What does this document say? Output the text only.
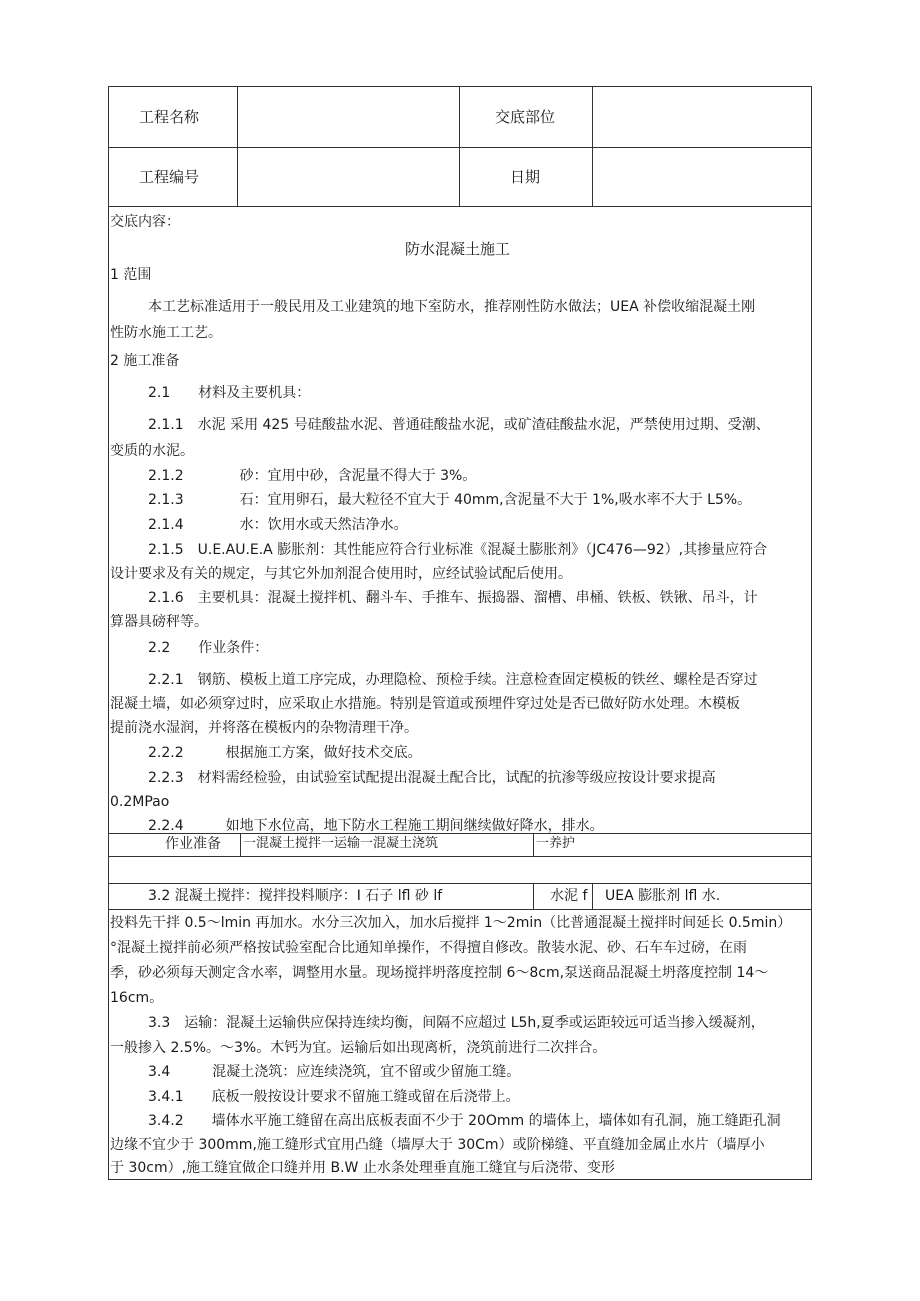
工程名称	交底部位
工程编号	日期
交底内容：
防水混凝土施工
1 范围
本工艺标准适用于一般民用及工业建筑的地下室防水，推荐刚性防水做法；UEA 补偿收缩混凝土刚
性防水施工工艺。
2 施工准备
2.1　　材料及主要机具：
2.1.1　水泥 采用 425 号硅酸盐水泥、普通硅酸盐水泥，或矿渣硅酸盐水泥，严禁使用过期、受潮、
变质的水泥。
2.1.2　　　　砂：宜用中砂，含泥量不得大于 3%。
2.1.3　　　　石：宜用卵石，最大粒径不宜大于 40mm,含泥量不大于 1%,吸水率不大于 L5%。
2.1.4　　　　水：饮用水或天然洁净水。
2.1.5　U.E.AU.E.A 膨胀剂：其性能应符合行业标准《混凝土膨胀剂》（JC476—92）,其掺量应符合
设计要求及有关的规定，与其它外加剂混合使用时，应经试验试配后使用。
2.1.6　主要机具：混凝土搅拌机、翻斗车、手推车、振捣器、溜槽、串桶、铁板、铁锹、吊斗，计
算器具磅秤等。
2.2　　作业条件：
2.2.1　钢筋、模板上道工序完成，办理隐检、预检手续。注意检查固定模板的铁丝、螺栓是否穿过
混凝土墙，如必须穿过时，应采取止水措施。特别是管道或预埋件穿过处是否已做好防水处理。木模板
提前浇水湿润，并将落在模板内的杂物清理干净。
2.2.2　　　根据施工方案，做好技术交底。
2.2.3　材料需经检验，由试验室试配提出混凝土配合比，试配的抗渗等级应按设计要求提高
0.2MPao
2.2.4　　　如地下水位高，地下防水工程施工期间继续做好降水，排水。
作业准备 一混凝土搅拌一运输一混凝土浇筑	一养护
3.2 混凝土搅拌：搅拌投料顺序：I 石子 lfl 砂 lf	水泥 f UEA 膨胀剂 lfl 水.
投料先干拌 0.5～lmin 再加水。水分三次加入，加水后搅拌 1～2min（比普通混凝土搅拌时间延长 0.5min）
°混凝土搅拌前必须严格按试验室配合比通知单操作，不得擅自修改。散装水泥、砂、石车车过磅，在雨
季，砂必须每天测定含水率，调整用水量。现场搅拌坍落度控制 6～8cm,泵送商品混凝土坍落度控制 14～
16cm。
3.3　运输：混凝土运输供应保持连续均衡，间隔不应超过 L5h,夏季或运距较远可适当掺入缓凝剂，
一般掺入 2.5%。～3%。木钙为宜。运输后如出现离析，浇筑前进行二次拌合。
3.4　　　混凝土浇筑：应连续浇筑，宜不留或少留施工缝。
3.4.1　　底板一般按设计要求不留施工缝或留在后浇带上。
3.4.2　　墙体水平施工缝留在高出底板表面不少于 20Omm 的墙体上，墙体如有孔洞，施工缝距孔洞
边缘不宜少于 300mm,施工缝形式宜用凸缝（墙厚大于 30Cm）或阶梯缝、平直缝加金属止水片（墙厚小
于 30cm）,施工缝宜做企口缝并用 B.W 止水条处理垂直施工缝宜与后浇带、变形
